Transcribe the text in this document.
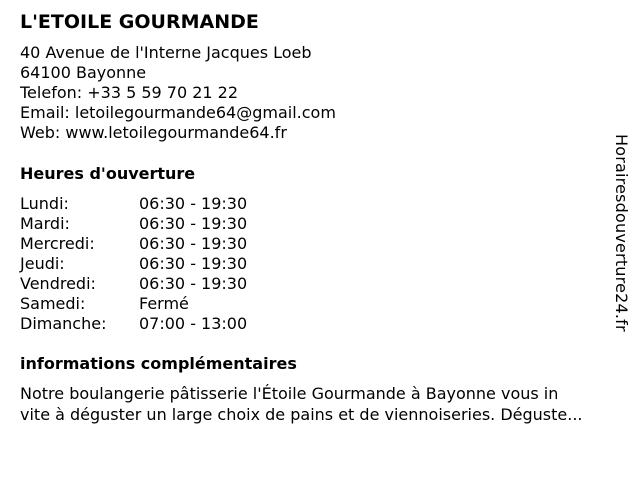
L'ETOILE GOURMANDE
40 Avenue de l'Interne Jacques Loeb
64100 Bayonne
Telefon: +33 5 59 70 21 22
Email: letoilegourmande64@gmail.com
Web: www.letoilegourmande64.fr
Heures d'ouverture
Lundi:	06:30 - 19:30
Mardi:	06:30 - 19:30
Mercredi:	06:30 - 19:30
Jeudi:	06:30 - 19:30
Vendredi:	06:30 - 19:30
Samedi:	Fermé
Dimanche: 07:00 - 13:00
informations complémentaires
Notre boulangerie pâtisserie l'Étoile Gourmande à Bayonne vous in
vite à déguster un large choix de pains et de viennoiseries. Déguste...
Horairesdouverture24.fr
